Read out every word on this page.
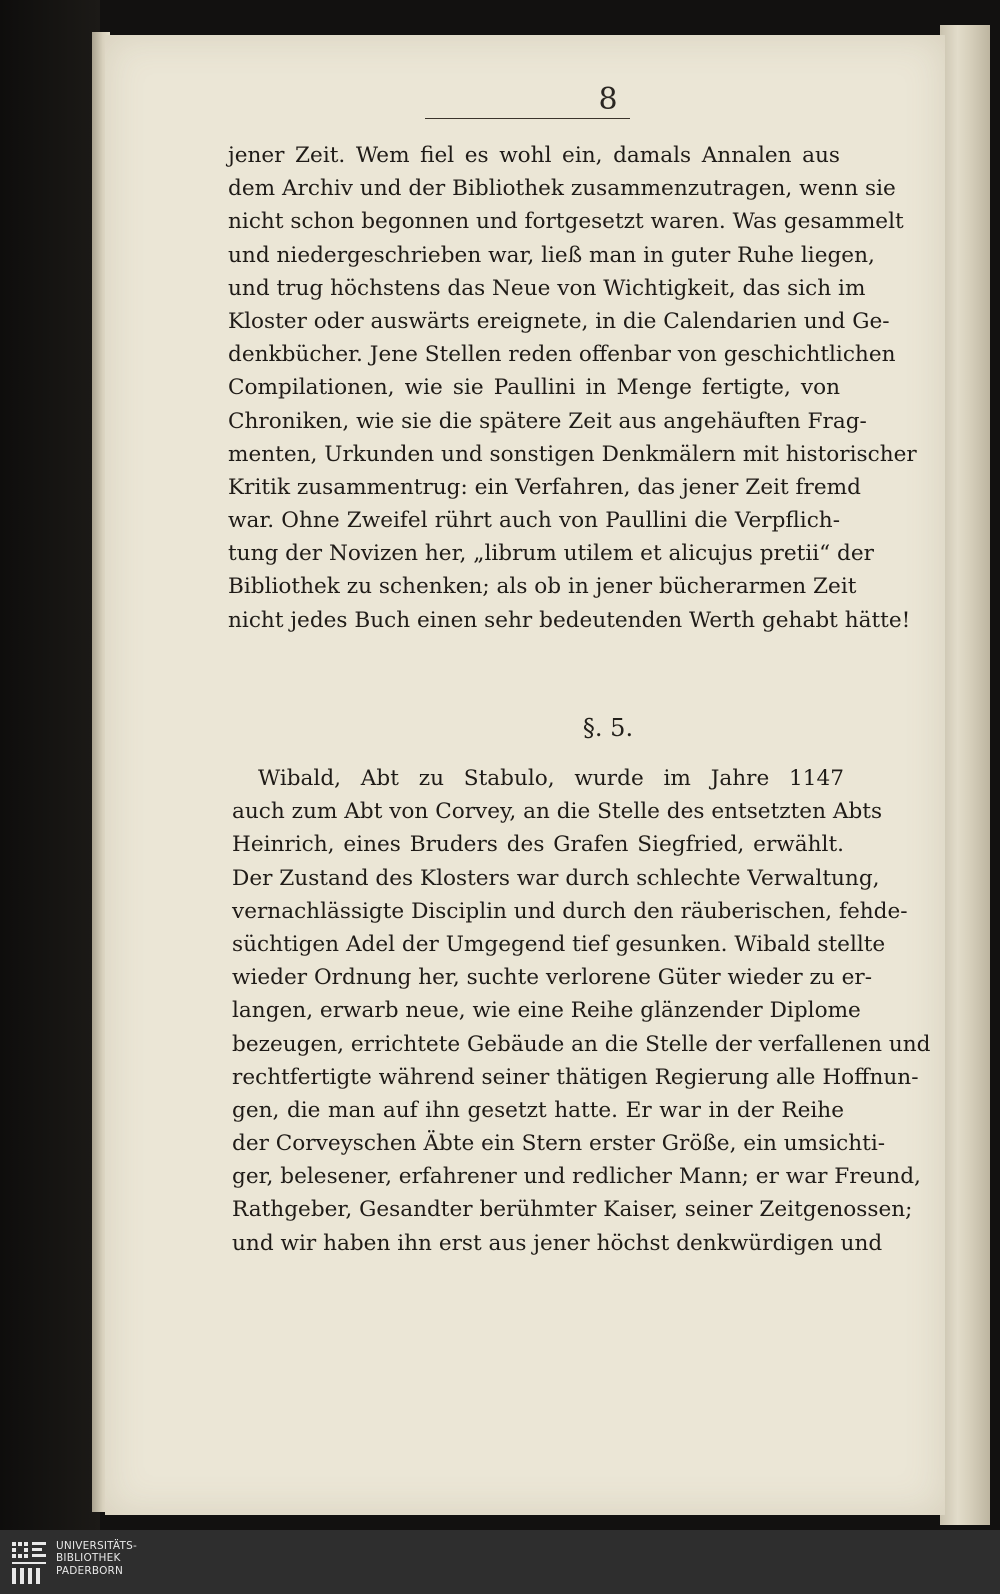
8
jener Zeit. Wem fiel es wohl ein, damals Annalen aus
dem Archiv und der Bibliothek zusammenzutragen, wenn sie
nicht schon begonnen und fortgesetzt waren. Was gesammelt
und niedergeschrieben war, ließ man in guter Ruhe liegen,
und trug höchstens das Neue von Wichtigkeit, das sich im
Kloster oder auswärts ereignete, in die Calendarien und Ge-
denkbücher. Jene Stellen reden offenbar von geschichtlichen
Compilationen, wie sie Paullini in Menge fertigte, von
Chroniken, wie sie die spätere Zeit aus angehäuften Frag-
menten, Urkunden und sonstigen Denkmälern mit historischer
Kritik zusammentrug: ein Verfahren, das jener Zeit fremd
war. Ohne Zweifel rührt auch von Paullini die Verpflich-
tung der Novizen her, „librum utilem et alicujus pretii“ der
Bibliothek zu schenken; als ob in jener bücherarmen Zeit
nicht jedes Buch einen sehr bedeutenden Werth gehabt hätte!
§. 5.
Wibald, Abt zu Stabulo, wurde im Jahre 1147
auch zum Abt von Corvey, an die Stelle des entsetzten Abts
Heinrich, eines Bruders des Grafen Siegfried, erwählt.
Der Zustand des Klosters war durch schlechte Verwaltung,
vernachlässigte Disciplin und durch den räuberischen, fehde-
süchtigen Adel der Umgegend tief gesunken. Wibald stellte
wieder Ordnung her, suchte verlorene Güter wieder zu er-
langen, erwarb neue, wie eine Reihe glänzender Diplome
bezeugen, errichtete Gebäude an die Stelle der verfallenen und
rechtfertigte während seiner thätigen Regierung alle Hoffnun-
gen, die man auf ihn gesetzt hatte. Er war in der Reihe
der Corveyschen Äbte ein Stern erster Größe, ein umsichti-
ger, belesener, erfahrener und redlicher Mann; er war Freund,
Rathgeber, Gesandter berühmter Kaiser, seiner Zeitgenossen;
und wir haben ihn erst aus jener höchst denkwürdigen und
UNIVERSITÄTS-
BIBLIOTHEK
PADERBORN
